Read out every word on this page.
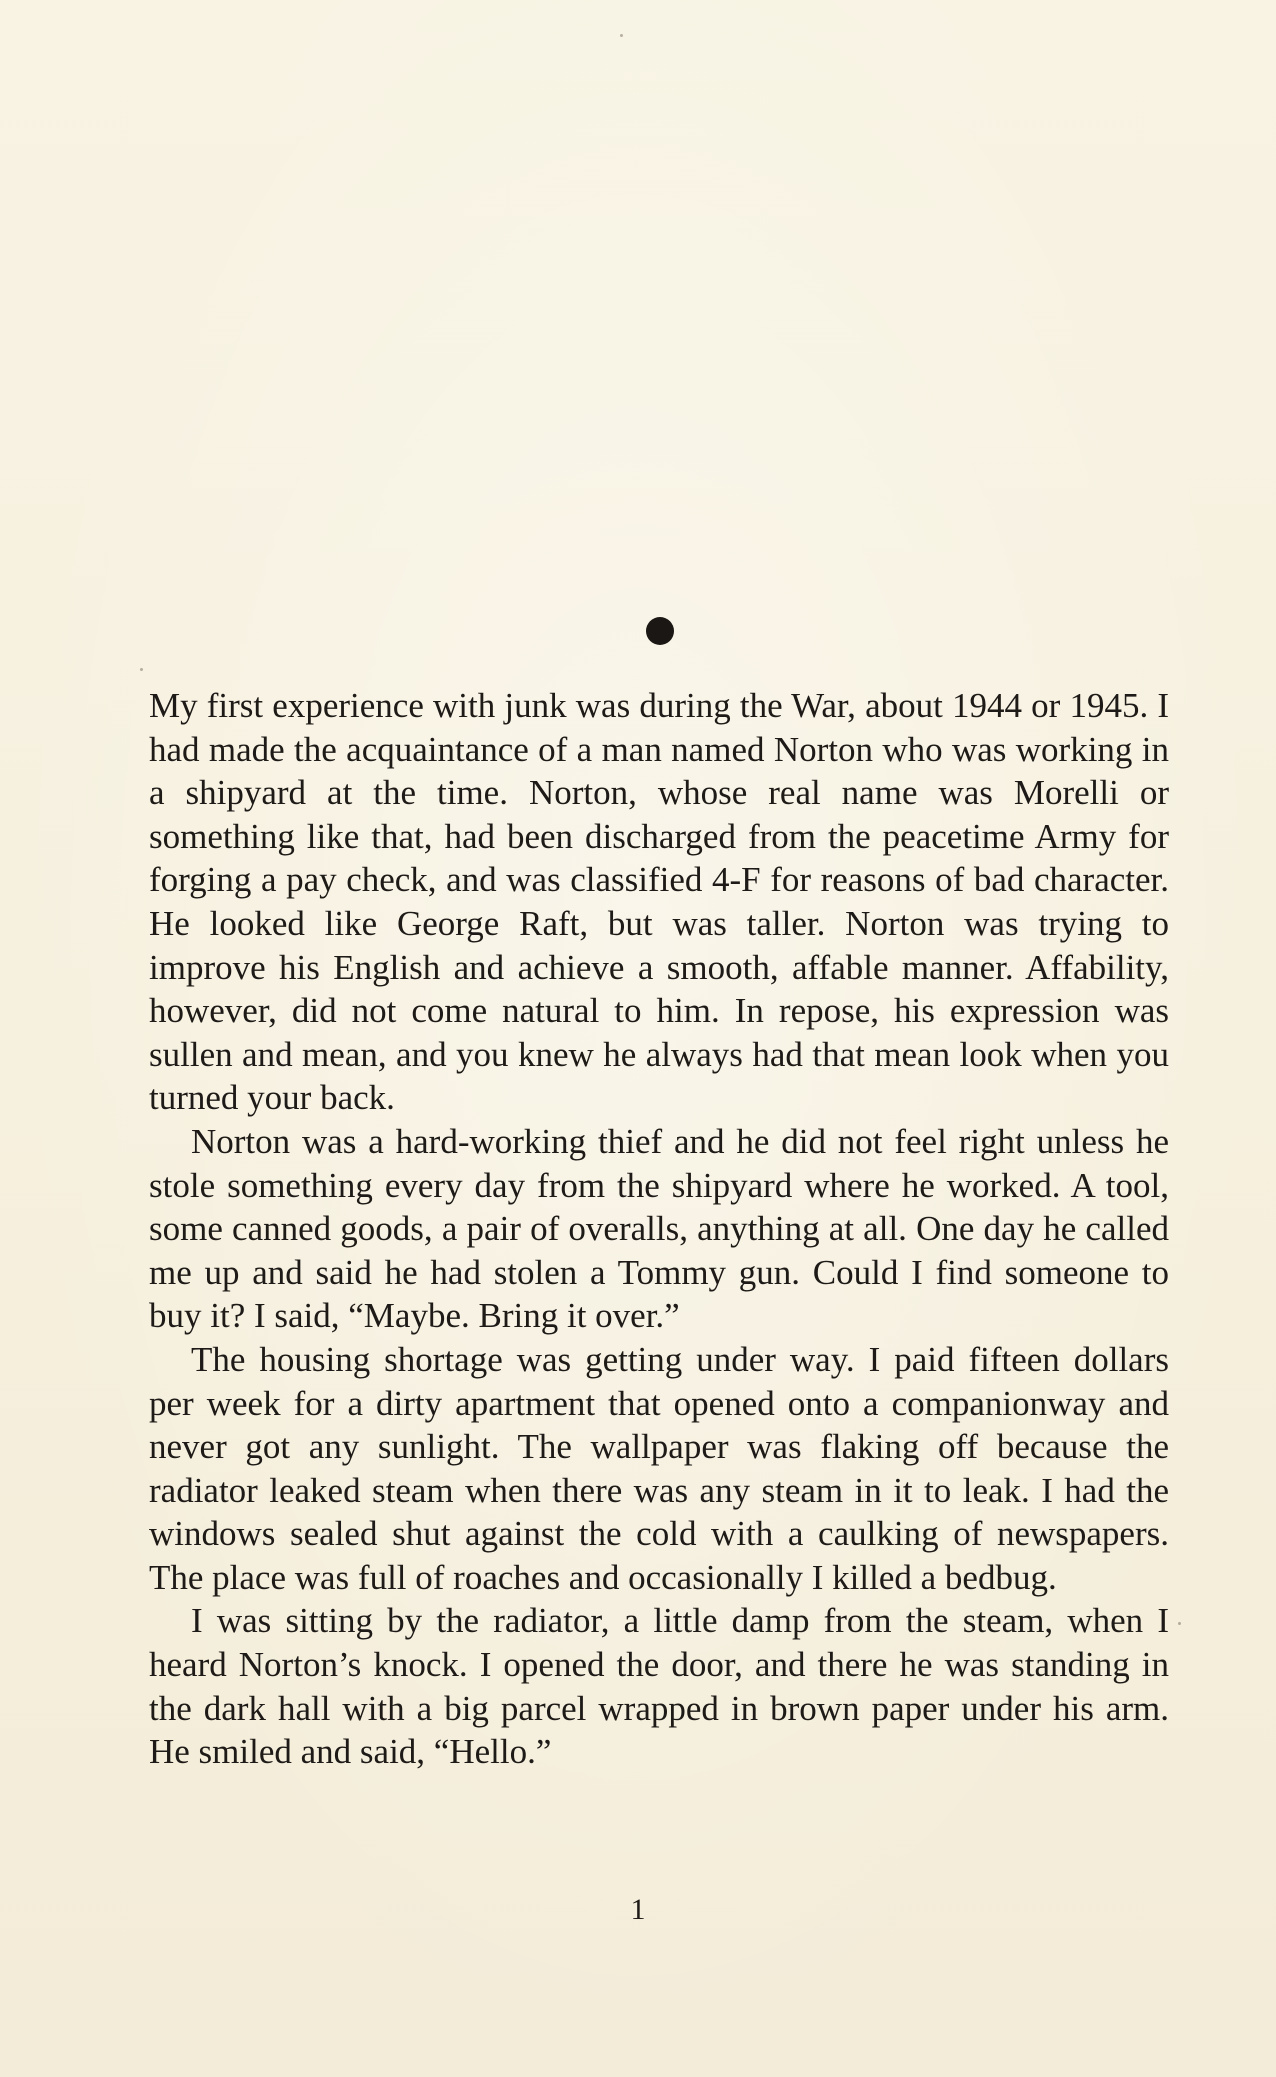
My first experience with junk was during the War, about 1944 or 1945. I had made the acquaintance of a man named Norton who was working in a shipyard at the time. Norton, whose real name was Morelli or something like that, had been discharged from the peacetime Army for forging a pay check, and was classified 4-F for reasons of bad character. He looked like George Raft, but was taller. Norton was trying to improve his English and achieve a smooth, affable manner. Affability, however, did not come natural to him. In repose, his expression was sullen and mean, and you knew he always had that mean look when you turned your back.

Norton was a hard-working thief and he did not feel right unless he stole something every day from the shipyard where he worked. A tool, some canned goods, a pair of overalls, anything at all. One day he called me up and said he had stolen a Tommy gun. Could I find someone to buy it? I said, “Maybe. Bring it over.”

The housing shortage was getting under way. I paid fifteen dollars per week for a dirty apartment that opened onto a companionway and never got any sunlight. The wallpaper was flaking off because the radiator leaked steam when there was any steam in it to leak. I had the windows sealed shut against the cold with a caulking of newspapers. The place was full of roaches and occasionally I killed a bedbug.

I was sitting by the radiator, a little damp from the steam, when I heard Norton’s knock. I opened the door, and there he was standing in the dark hall with a big parcel wrapped in brown paper under his arm. He smiled and said, “Hello.”

1
